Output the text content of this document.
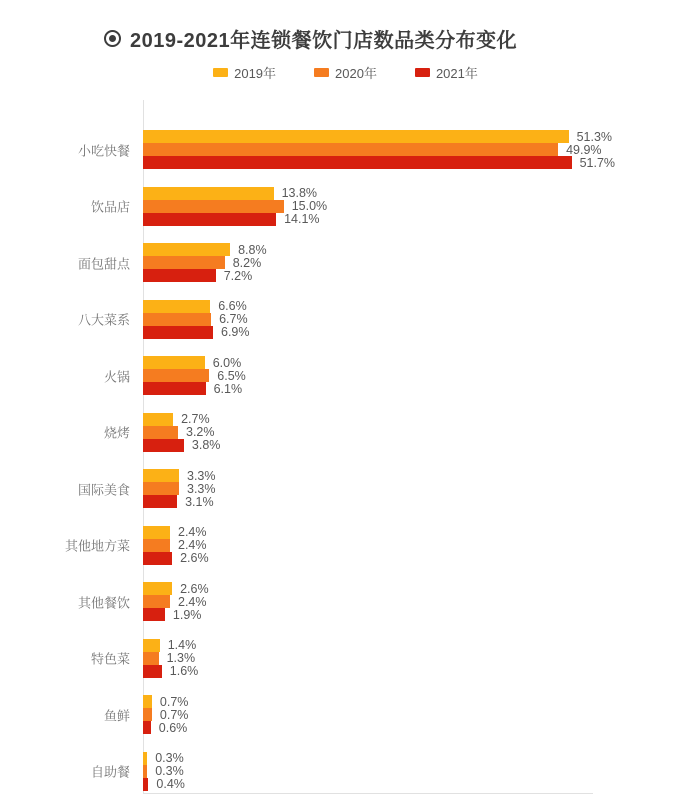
2019-2021年连锁餐饮门店数品类分布变化
2019年	2020年	2021年
小吃快餐
51.3%
49.9%
51.7%
饮品店
13.8%
15.0%
14.1%
面包甜点
8.8%
8.2%
7.2%
八大菜系
6.6%
6.7%
6.9%
火锅
6.0%
6.5%
6.1%
烧烤
2.7%
3.2%
3.8%
国际美食
3.3%
3.3%
3.1%
其他地方菜
2.4%
2.4%
2.6%
其他餐饮
2.6%
2.4%
1.9%
特色菜
1.4%
1.3%
1.6%
鱼鲜
0.7%
0.7%
0.6%
自助餐
0.3%
0.3%
0.4%
